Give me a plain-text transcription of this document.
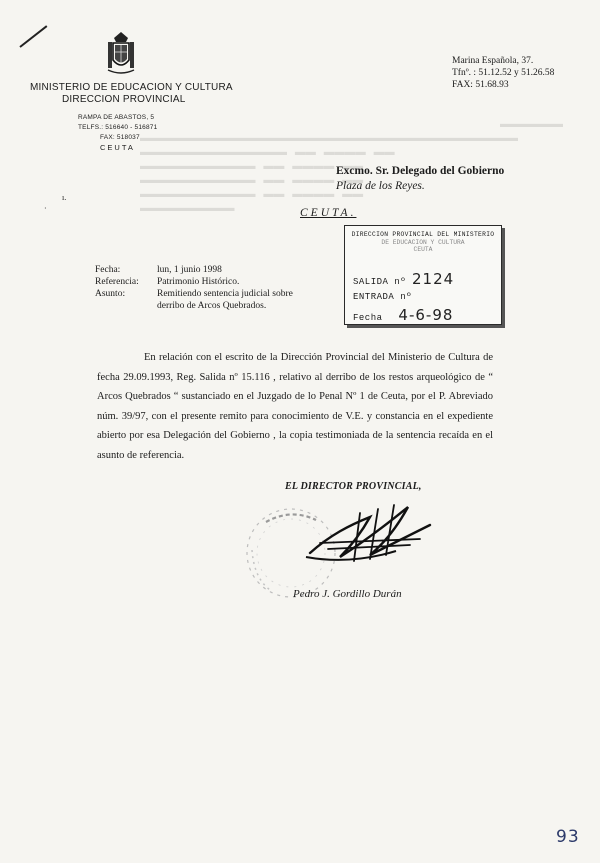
MINISTERIO DE EDUCACION Y CULTURA
DIRECCION PROVINCIAL
RAMPA DE ABASTOS, 5
TELFS.: 516640 - 516871
FAX: 518037
CEUTA
Marina Española, 37.
Tfnº. : 51.12.52 y 51.26.58
FAX: 51.68.93
▬▬▬▬▬▬
▬▬▬▬▬▬▬▬▬▬▬▬▬▬▬▬▬▬▬▬▬▬▬▬▬▬▬▬▬▬▬▬▬▬▬▬
▬▬▬▬▬▬▬▬▬▬▬▬▬▬   ▬▬   ▬▬▬▬   ▬▬
▬▬▬▬▬▬▬▬▬▬▬   ▬▬   ▬▬▬▬   ▬▬
▬▬▬▬▬▬▬▬▬▬▬   ▬▬   ▬▬▬▬   ▬▬
▬▬▬▬▬▬▬▬▬▬▬   ▬▬   ▬▬▬▬   ▬▬
▬▬▬▬▬▬▬▬▬
ı.
·
Excmo. Sr. Delegado del Gobierno
Plaza de los Reyes.
CEUTA.
DIRECCION PROVINCIAL DEL MINISTERIO
DE EDUCACION Y CULTURA
CEUTA
SALIDA nº 2124
ENTRADA nº
Fecha 4-6-98
Fecha:	lun, 1 junio 1998
Referencia:	Patrimonio Histórico.
Asunto:	Remitiendo sentencia judicial sobre
derribo de Arcos Quebrados.
En relación con el escrito de la Dirección Provincial del Ministerio de Cultura de fecha 29.09.1993, Reg. Salida nº 15.116 , relativo al derribo de los restos arqueológico de “ Arcos Quebrados “ sustanciado en el Juzgado de lo Penal Nº 1 de Ceuta, por el P. Abreviado núm. 39/97, con el presente remito para conocimiento de V.E. y constancia en el expediente abierto por esa Delegación del Gobierno , la copia testimoniada de la sentencia recaída en el asunto de referencia.
EL DIRECTOR PROVINCIAL,
Pedro J. Gordillo Durán
93
